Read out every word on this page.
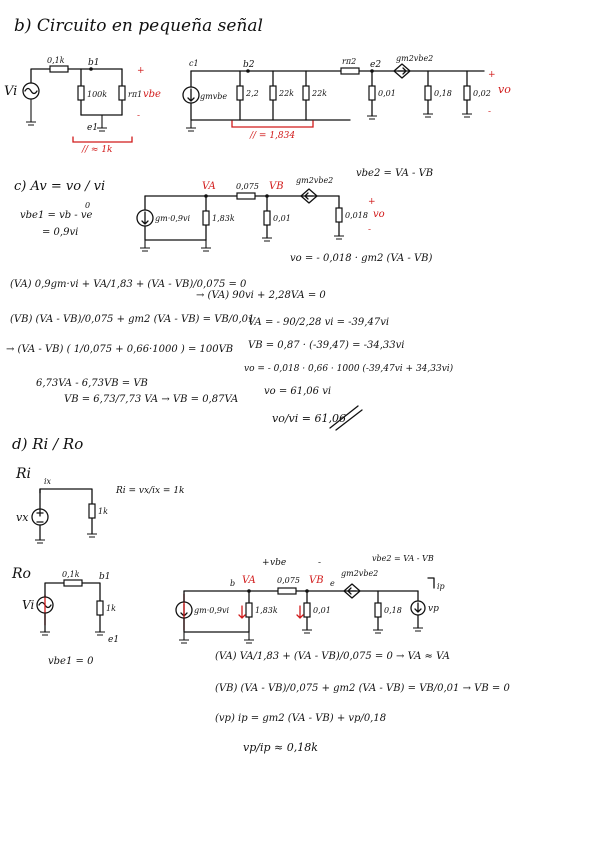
b) Circuito en pequeña señal
Vi
0,1k	b1
100k	rπ1 vbe
+
-
e1
// ≈ 1k
c1
gmvbe
b2
2,2	22k 22k
rπ2 e2
0,01
gm2vbe2
0,18	0,02 vo
+
-
// = 1,834
c) Av = vo / vi
vbe2 = VA - VB
vbe1 = vb - ve
0
= 0,9vi
gm·0,9vi	1,83k
VA	0,075 VB
0,01
gm2vbe2
0,018 vo
+
-
vo = - 0,018 · gm2 (VA - VB)
(VA) 0,9gm·vi + VA/1,83 + (VA - VB)/0,075 = 0
(VB) (VA - VB)/0,075 + gm2 (VA - VB) = VB/0,01
→ (VA - VB) ( 1/0,075 + 0,66·1000 ) = 100VB
6,73VA - 6,73VB = VB
VB = 6,73/7,73 VA → VB = 0,87VA
→ (VA) 90vi + 2,28VA = 0
VA = - 90/2,28 vi = -39,47vi
VB = 0,87 · (-39,47) = -34,33vi
vo = - 0,018 · 0,66 · 1000 (-39,47vi + 34,33vi)
vo = 61,06 vi
vo/vi = 61,06
d) Ri / Ro
Ri
1k
ix
vx
Ri = vx/ix = 1k
Ro
Vi
0,1k b1
1k
e1
vbe1 = 0
vbe
+	-	vbe2 = VA - VB
gm·0,9vi
b VA
1,83k
0,075 VB e
0,01
gm2vbe2
0,18	vp
ip
(VA) VA/1,83 + (VA - VB)/0,075 = 0 → VA ≈ VA
(VB) (VA - VB)/0,075 + gm2 (VA - VB) = VB/0,01 → VB = 0
(vp) ip = gm2 (VA - VB) + vp/0,18
vp/ip ≈ 0,18k
